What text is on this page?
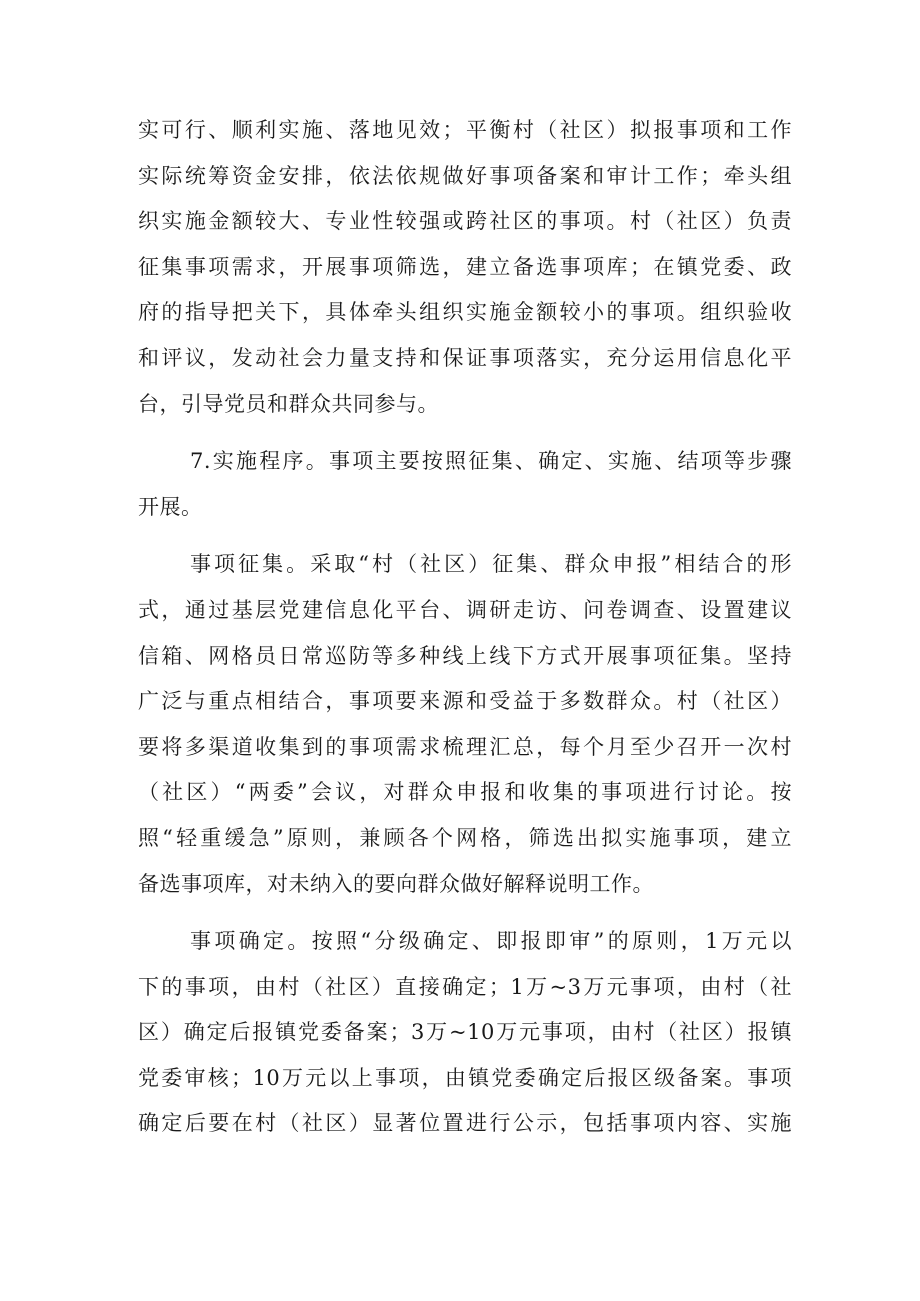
实可行、顺利实施、落地见效；平衡村（社区）拟报事项和工作
实际统筹资金安排，依法依规做好事项备案和审计工作；牵头组
织实施金额较大、专业性较强或跨社区的事项。村（社区）负责
征集事项需求，开展事项筛选，建立备选事项库；在镇党委、政
府的指导把关下，具体牵头组织实施金额较小的事项。组织验收
和评议，发动社会力量支持和保证事项落实，充分运用信息化平
台，引导党员和群众共同参与。
7.实施程序。事项主要按照征集、确定、实施、结项等步骤
开展。
事项征集。采取“村（社区）征集、群众申报”相结合的形
式，通过基层党建信息化平台、调研走访、问卷调查、设置建议
信箱、网格员日常巡防等多种线上线下方式开展事项征集。坚持
广泛与重点相结合，事项要来源和受益于多数群众。村（社区）
要将多渠道收集到的事项需求梳理汇总，每个月至少召开一次村
（社区）“两委”会议，对群众申报和收集的事项进行讨论。按
照“轻重缓急”原则，兼顾各个网格，筛选出拟实施事项，建立
备选事项库，对未纳入的要向群众做好解释说明工作。
事项确定。按照“分级确定、即报即审”的原则，1万元以
下的事项，由村（社区）直接确定；1万~3万元事项，由村（社
区）确定后报镇党委备案；3万~10万元事项，由村（社区）报镇
党委审核；10万元以上事项，由镇党委确定后报区级备案。事项
确定后要在村（社区）显著位置进行公示，包括事项内容、实施
